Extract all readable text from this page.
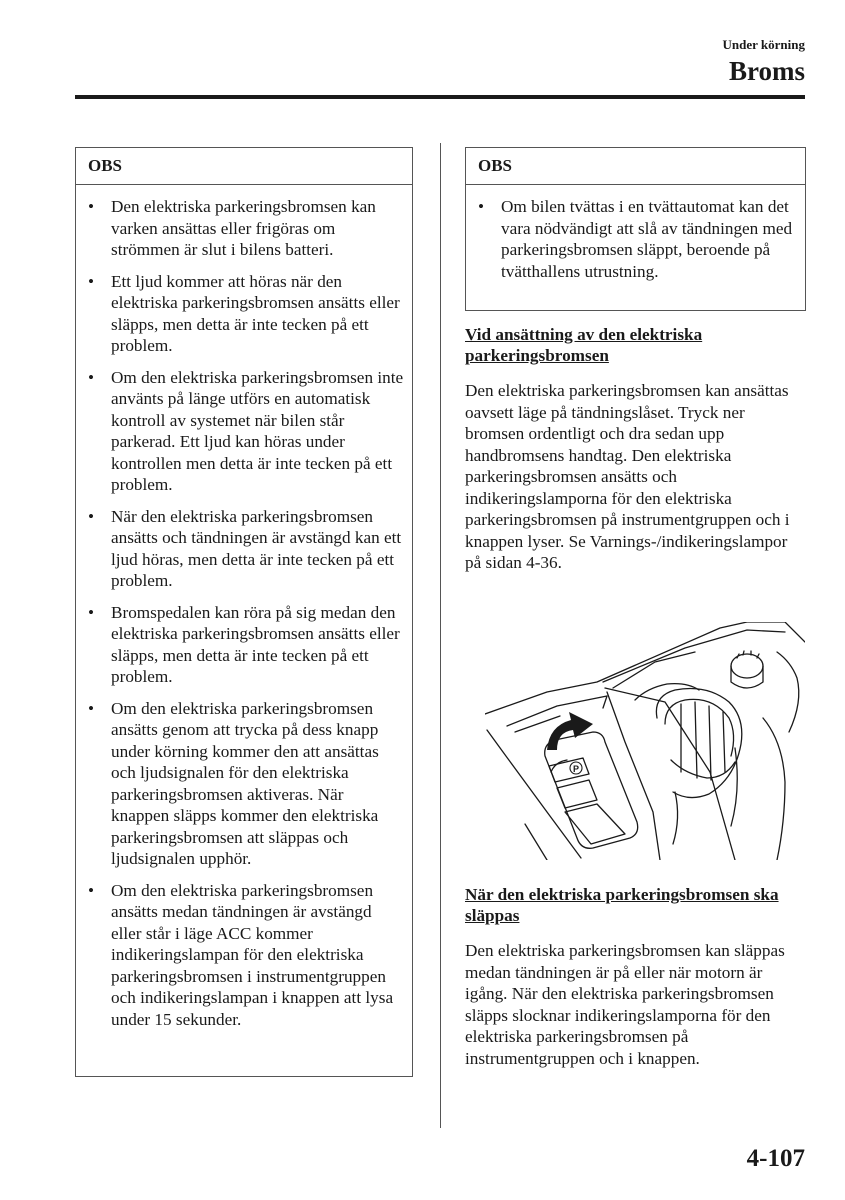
Under körning
Broms
OBS
• Den elektriska parkeringsbromsen kan varken ansättas eller frigöras om strömmen är slut i bilens batteri.
• Ett ljud kommer att höras när den elektriska parkeringsbromsen ansätts eller släpps, men detta är inte tecken på ett problem.
• Om den elektriska parkeringsbromsen inte använts på länge utförs en automatisk kontroll av systemet när bilen står parkerad. Ett ljud kan höras under kontrollen men detta är inte tecken på ett problem.
• När den elektriska parkeringsbromsen ansätts och tändningen är avstängd kan ett ljud höras, men detta är inte tecken på ett problem.
• Bromspedalen kan röra på sig medan den elektriska parkeringsbromsen ansätts eller släpps, men detta är inte tecken på ett problem.
• Om den elektriska parkeringsbromsen ansätts genom att trycka på dess knapp under körning kommer den att ansättas och ljudsignalen för den elektriska parkeringsbromsen aktiveras. När knappen släpps kommer den elektriska parkeringsbromsen att släppas och ljudsignalen upphör.
• Om den elektriska parkeringsbromsen ansätts medan tändningen är avstängd eller står i läge ACC kommer indikeringslampan för den elektriska parkeringsbromsen i instrumentgruppen och indikeringslampan i knappen att lysa under 15 sekunder.
OBS
• Om bilen tvättas i en tvättautomat kan det vara nödvändigt att slå av tändningen med parkeringsbromsen släppt, beroende på tvätthallens utrustning.
Vid ansättning av den elektriska parkeringsbromsen

Den elektriska parkeringsbromsen kan ansättas oavsett läge på tändningslåset. Tryck ner bromsen ordentligt och dra sedan upp handbromsens handtag. Den elektriska parkeringsbromsen ansätts och indikeringslamporna för den elektriska parkeringsbromsen på instrumentgruppen och i knappen lyser. Se Varnings-/indikeringslampor på sidan 4-36.

P
När den elektriska parkeringsbromsen ska släppas

Den elektriska parkeringsbromsen kan släppas medan tändningen är på eller när motorn är igång. När den elektriska parkeringsbromsen släpps slocknar indikeringslamporna för den elektriska parkeringsbromsen på instrumentgruppen och i knappen.

4-107
